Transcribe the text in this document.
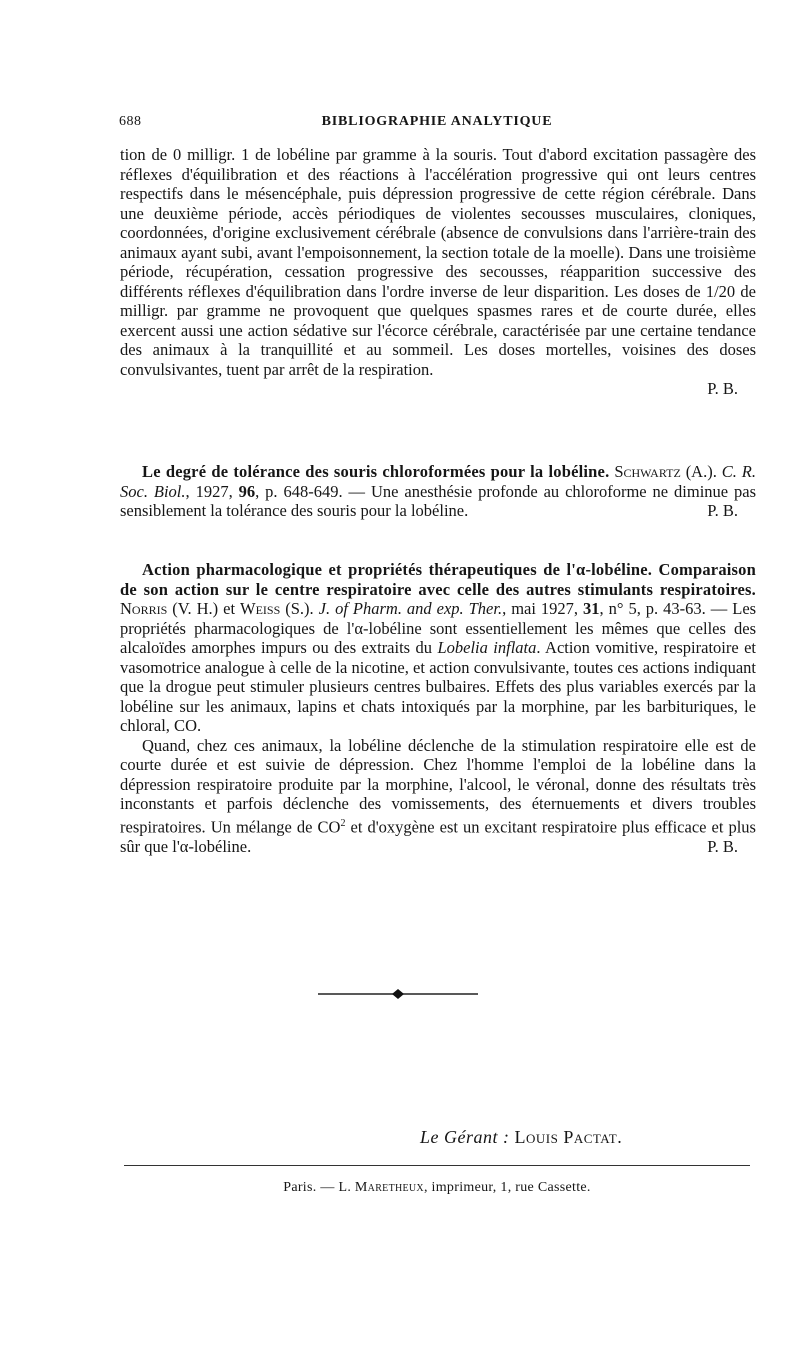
688	BIBLIOGRAPHIE ANALYTIQUE

tion de 0 milligr. 1 de lobéline par gramme à la souris. Tout d'abord excitation passagère des réflexes d'équilibration et des réactions à l'accélération progressive qui ont leurs centres respectifs dans le mésencéphale, puis dépression progressive de cette région cérébrale. Dans une deuxième période, accès périodiques de violentes secousses musculaires, cloniques, coordonnées, d'origine exclusivement cérébrale (absence de convulsions dans l'arrière-train des animaux ayant subi, avant l'empoisonnement, la section totale de la moelle). Dans une troisième période, récupération, cessation progressive des secousses, réapparition successive des différents réflexes d'équilibration dans l'ordre inverse de leur disparition. Les doses de 1/20 de milligr. par gramme ne provoquent que quelques spasmes rares et de courte durée, elles exercent aussi une action sédative sur l'écorce cérébrale, caractérisée par une certaine tendance des animaux à la tranquillité et au sommeil. Les doses mortelles, voisines des doses convulsivantes, tuent par arrêt de la respiration.

P. B.

Le degré de tolérance des souris chloroformées pour la lobéline. Schwartz (A.). C. R. Soc. Biol., 1927, 96, p. 648-649. — Une anesthésie profonde au chloroforme ne diminue pas sensiblement la tolérance des souris pour la lobéline.	P. B.

Action pharmacologique et propriétés thérapeutiques de l'α-lobéline. Comparaison de son action sur le centre respiratoire avec celle des autres stimulants respiratoires. Norris (V. H.) et Weiss (S.). J. of Pharm. and exp. Ther., mai 1927, 31, n° 5, p. 43-63. — Les propriétés pharmacologiques de l'α-lobéline sont essentiellement les mêmes que celles des alcaloïdes amorphes impurs ou des extraits du Lobelia inflata. Action vomitive, respiratoire et vasomotrice analogue à celle de la nicotine, et action convulsivante, toutes ces actions indiquant que la drogue peut stimuler plusieurs centres bulbaires. Effets des plus variables exercés par la lobéline sur les animaux, lapins et chats intoxiqués par la morphine, par les barbituriques, le chloral, CO.

Quand, chez ces animaux, la lobéline déclenche de la stimulation respiratoire elle est de courte durée et est suivie de dépression. Chez l'homme l'emploi de la lobéline dans la dépression respiratoire produite par la morphine, l'alcool, le véronal, donne des résultats très inconstants et parfois déclenche des vomissements, des éternuements et divers troubles respiratoires. Un mélange de $CO^2$ et d'oxygène est un excitant respiratoire plus efficace et plus sûr que l'α-lobéline.	P. B.

Le Gérant : Louis Pactat.
Paris. — L. Maretheux, imprimeur, 1, rue Cassette.
